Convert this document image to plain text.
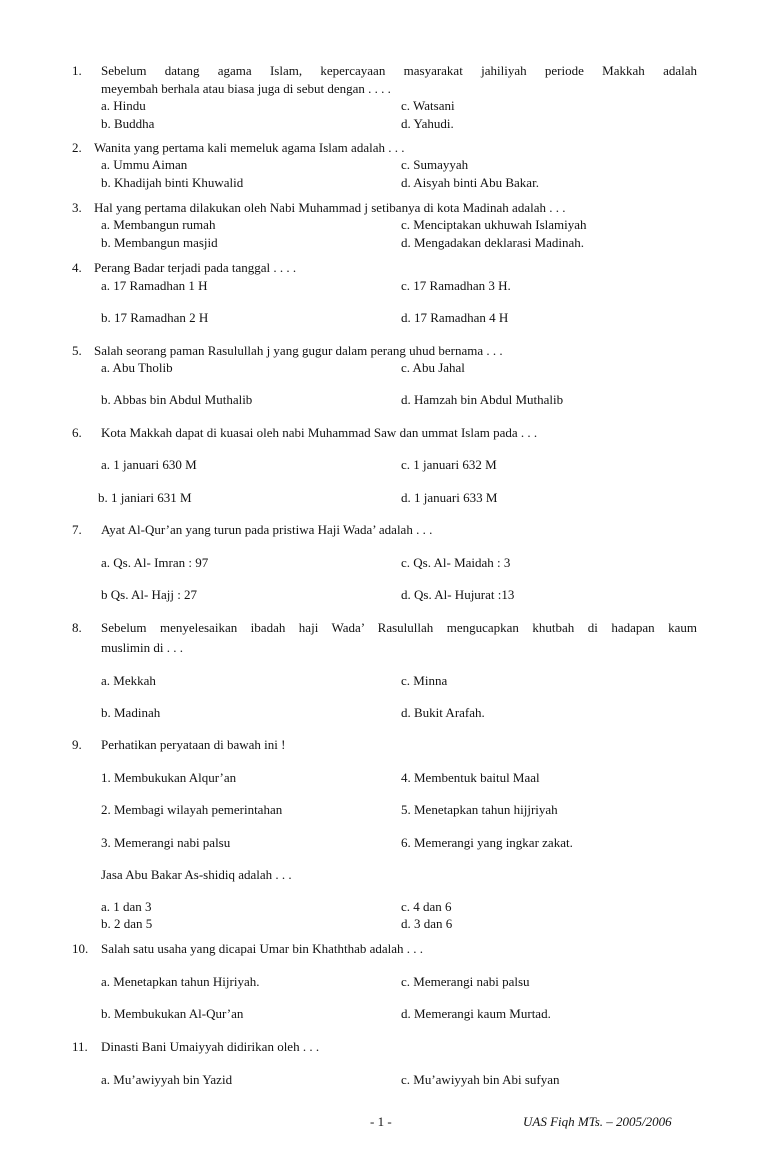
1. Sebelum datang agama Islam, kepercayaan masyarakat jahiliyah periode Makkah adalah
meyembah berhala atau biasa juga di sebut dengan . . . .
a. Hindu	c. Watsani
b. Buddha	d. Yahudi.
2. Wanita yang pertama kali memeluk agama Islam adalah . . .
a. Ummu Aiman	c. Sumayyah
b. Khadijah binti Khuwalid	d. Aisyah binti Abu Bakar.
3. Hal yang pertama dilakukan oleh Nabi Muhammad j setibanya di kota Madinah adalah . . .
a. Membangun rumah	c. Menciptakan ukhuwah Islamiyah
b. Membangun masjid	d. Mengadakan deklarasi Madinah.
4. Perang Badar terjadi pada tanggal . . . .
a. 17 Ramadhan 1 H	c. 17 Ramadhan 3 H.
b. 17 Ramadhan 2 H	d. 17 Ramadhan 4 H
5. Salah seorang paman Rasulullah j yang gugur dalam perang uhud bernama . . .
a. Abu Tholib	c. Abu Jahal
b. Abbas bin Abdul Muthalib	d. Hamzah bin Abdul Muthalib
6. Kota Makkah dapat di kuasai oleh nabi Muhammad Saw dan ummat Islam pada . . .
a. 1 januari 630 M	c. 1 januari 632 M
b. 1 janiari 631 M	d. 1 januari 633 M
7. Ayat Al-Qur’an yang turun pada pristiwa Haji Wada’ adalah . . .
a. Qs. Al- Imran : 97	c. Qs. Al- Maidah : 3
b Qs. Al- Hajj : 27	d. Qs. Al- Hujurat :13
8. Sebelum menyelesaikan ibadah haji Wada’ Rasulullah mengucapkan khutbah di hadapan kaum
muslimin di . . .
a. Mekkah	c. Minna
b. Madinah	d. Bukit Arafah.
9. Perhatikan peryataan di bawah ini !
1. Membukukan Alqur’an	4. Membentuk baitul Maal
2. Membagi wilayah pemerintahan	5. Menetapkan tahun hijjriyah
3. Memerangi nabi palsu	6. Memerangi yang ingkar zakat.
Jasa Abu Bakar As-shidiq adalah . . .
a. 1 dan 3	c. 4 dan 6
b. 2 dan 5	d. 3 dan 6
10. Salah satu usaha yang dicapai Umar bin Khaththab adalah . . .
a. Menetapkan tahun Hijriyah.	c. Memerangi nabi palsu
b. Membukukan Al-Qur’an	d. Memerangi kaum Murtad.
11. Dinasti Bani Umaiyyah didirikan oleh . . .
a. Mu’awiyyah bin Yazid	c. Mu’awiyyah bin Abi sufyan
- 1 -	UAS Fiqh MTs. – 2005/2006
